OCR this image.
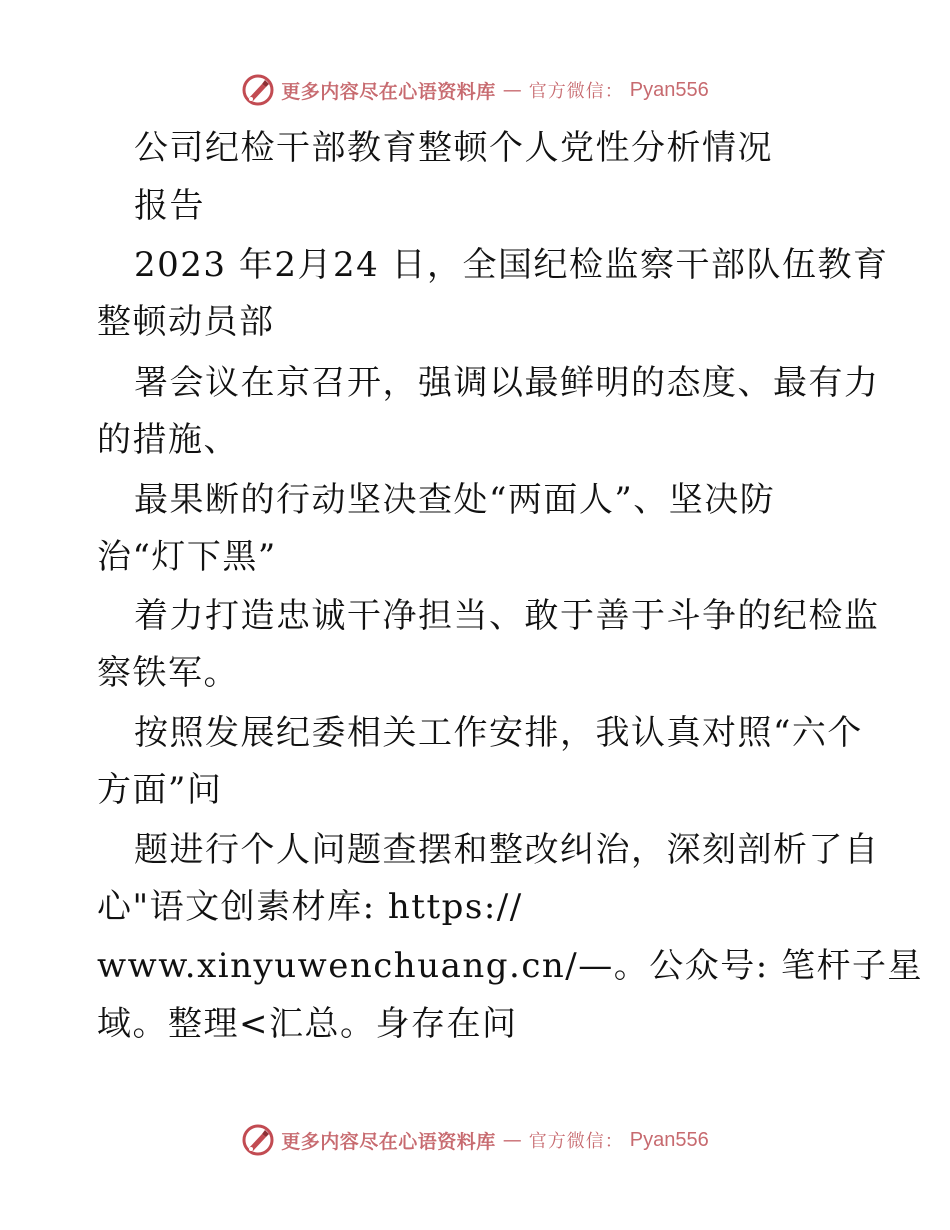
更多内容尽在心语资料库 — 官方微信： Pyan556
公司纪检干部教育整顿个人党性分析情况
报告
2023 年2月24 日，全国纪检监察干部队伍教育
整顿动员部
署会议在京召开，强调以最鲜明的态度、最有力
的措施、
最果断的行动坚决查处“两面人”、坚决防
治“灯下黑”
着力打造忠诚干净担当、敢于善于斗争的纪检监
察铁军。
按照发展纪委相关工作安排，我认真对照“六个
方面”问
题进行个人问题查摆和整改纠治，深刻剖析了自
心"语文创素材库: https://
www.xinyuwenchuang.cn/—。公众号: 笔杆子星
域。整理<汇总。身存在问
更多内容尽在心语资料库 — 官方微信： Pyan556
